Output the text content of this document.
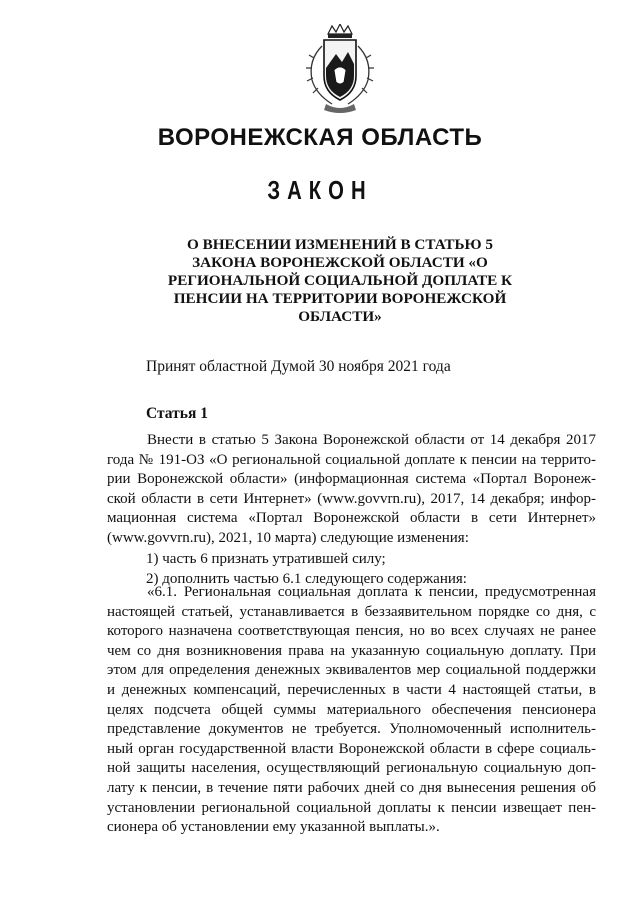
ВОРОНЕЖСКАЯ ОБЛАСТЬ
ЗАКОН
О ВНЕСЕНИИ ИЗМЕНЕНИЙ В СТАТЬЮ 5
ЗАКОНА ВОРОНЕЖСКОЙ ОБЛАСТИ «О
РЕГИОНАЛЬНОЙ СОЦИАЛЬНОЙ ДОПЛАТЕ К
ПЕНСИИ НА ТЕРРИТОРИИ ВОРОНЕЖСКОЙ
ОБЛАСТИ»
Принят областной Думой 30 ноября 2021 года
Статья 1
Внести в статью 5 Закона Воронежской области от 14 декабря 2017
года № 191-ОЗ «О региональной социальной доплате к пенсии на террито-
рии Воронежской области» (информационная система «Портал Воронеж-
ской области в сети Интернет» (www.govvrn.ru), 2017, 14 декабря; инфор-
мационная система «Портал Воронежской области в сети Интернет»
(www.govvrn.ru), 2021, 10 марта) следующие изменения:
1) часть 6 признать утратившей силу;
2) дополнить частью 6.1 следующего содержания:
«6.1. Региональная социальная доплата к пенсии, предусмотренная
настоящей статьей, устанавливается в беззаявительном порядке со дня, с
которого назначена соответствующая пенсия, но во всех случаях не ранее
чем со дня возникновения права на указанную социальную доплату. При
этом для определения денежных эквивалентов мер социальной поддержки
и денежных компенсаций, перечисленных в части 4 настоящей статьи, в
целях подсчета общей суммы материального обеспечения пенсионера
представление документов не требуется. Уполномоченный исполнитель-
ный орган государственной власти Воронежской области в сфере социаль-
ной защиты населения, осуществляющий региональную социальную доп-
лату к пенсии, в течение пяти рабочих дней со дня вынесения решения об
установлении региональной социальной доплаты к пенсии извещает пен-
сионера об установлении ему указанной выплаты.».
